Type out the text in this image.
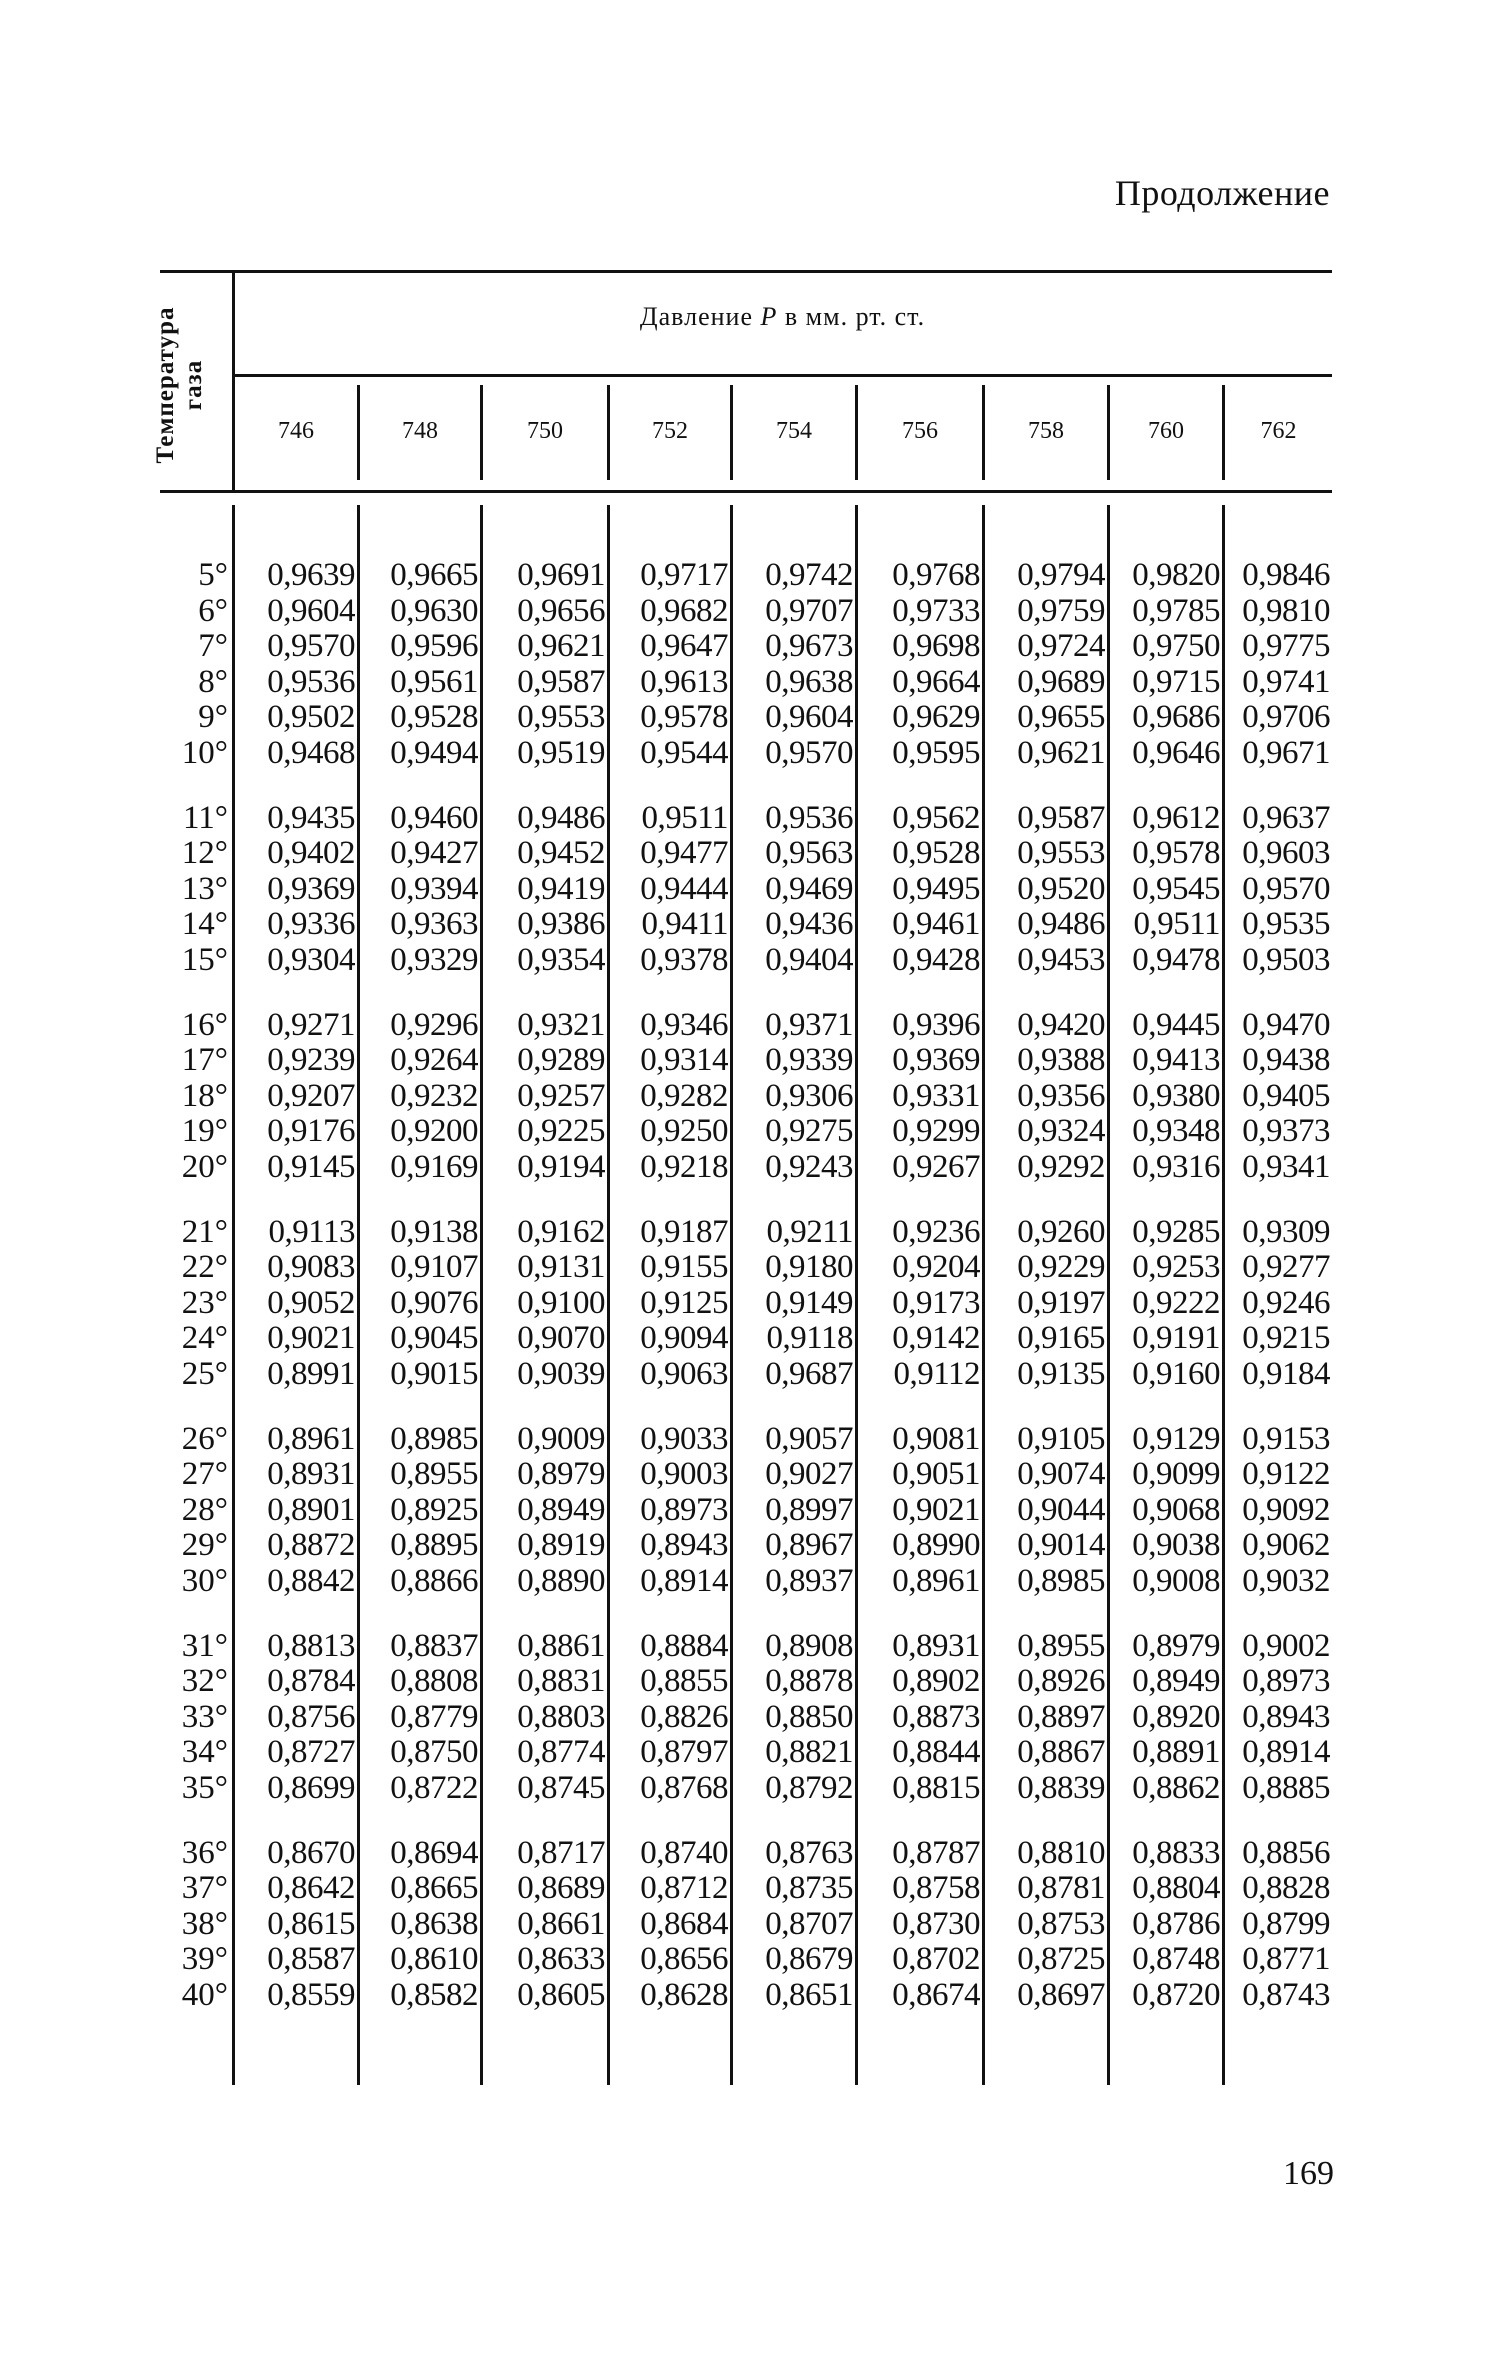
Продолжение
Температура газа
Давление P в мм. рт. ст.
746	748	750	752	754	756	758	760	762
5°	0,9639	0,9665	0,9691	0,9717	0,9742	0,9768	0,9794 0,9820 0,9846
6°	0,9604	0,9630	0,9656	0,9682	0,9707	0,9733	0,9759 0,9785 0,9810
7°	0,9570	0,9596	0,9621	0,9647	0,9673	0,9698	0,9724 0,9750 0,9775
8°	0,9536	0,9561	0,9587	0,9613	0,9638	0,9664	0,9689 0,9715 0,9741
9°	0,9502	0,9528	0,9553	0,9578	0,9604	0,9629	0,9655 0,9686 0,9706
10°	0,9468	0,9494	0,9519	0,9544	0,9570	0,9595	0,9621 0,9646 0,9671
11°	0,9435	0,9460	0,9486	0,9511	0,9536	0,9562	0,9587 0,9612 0,9637
12°	0,9402	0,9427	0,9452	0,9477	0,9563	0,9528	0,9553 0,9578 0,9603
13°	0,9369	0,9394	0,9419	0,9444	0,9469	0,9495	0,9520 0,9545 0,9570
14°	0,9336	0,9363	0,9386	0,9411	0,9436	0,9461	0,9486 0,9511 0,9535
15°	0,9304	0,9329	0,9354	0,9378	0,9404	0,9428	0,9453 0,9478 0,9503
16°	0,9271	0,9296	0,9321	0,9346	0,9371	0,9396	0,9420 0,9445 0,9470
17°	0,9239	0,9264	0,9289	0,9314	0,9339	0,9369	0,9388 0,9413 0,9438
18°	0,9207	0,9232	0,9257	0,9282	0,9306	0,9331	0,9356 0,9380 0,9405
19°	0,9176	0,9200	0,9225	0,9250	0,9275	0,9299	0,9324 0,9348 0,9373
20°	0,9145	0,9169	0,9194	0,9218	0,9243	0,9267	0,9292 0,9316 0,9341
21°	0,9113	0,9138	0,9162	0,9187	0,9211	0,9236	0,9260 0,9285 0,9309
22°	0,9083	0,9107	0,9131	0,9155	0,9180	0,9204	0,9229 0,9253 0,9277
23°	0,9052	0,9076	0,9100	0,9125	0,9149	0,9173	0,9197 0,9222 0,9246
24°	0,9021	0,9045	0,9070	0,9094	0,9118	0,9142	0,9165 0,9191 0,9215
25°	0,8991	0,9015	0,9039	0,9063	0,9687	0,9112	0,9135 0,9160 0,9184
26°	0,8961	0,8985	0,9009	0,9033	0,9057	0,9081	0,9105 0,9129 0,9153
27°	0,8931	0,8955	0,8979	0,9003	0,9027	0,9051	0,9074 0,9099 0,9122
28°	0,8901	0,8925	0,8949	0,8973	0,8997	0,9021	0,9044 0,9068 0,9092
29°	0,8872	0,8895	0,8919	0,8943	0,8967	0,8990	0,9014 0,9038 0,9062
30°	0,8842	0,8866	0,8890	0,8914	0,8937	0,8961	0,8985 0,9008 0,9032
31°	0,8813	0,8837	0,8861	0,8884	0,8908	0,8931	0,8955 0,8979 0,9002
32°	0,8784	0,8808	0,8831	0,8855	0,8878	0,8902	0,8926 0,8949 0,8973
33°	0,8756	0,8779	0,8803	0,8826	0,8850	0,8873	0,8897 0,8920 0,8943
34°	0,8727	0,8750	0,8774	0,8797	0,8821	0,8844	0,8867 0,8891 0,8914
35°	0,8699	0,8722	0,8745	0,8768	0,8792	0,8815	0,8839 0,8862 0,8885
36°	0,8670	0,8694	0,8717	0,8740	0,8763	0,8787	0,8810 0,8833 0,8856
37°	0,8642	0,8665	0,8689	0,8712	0,8735	0,8758	0,8781 0,8804 0,8828
38°	0,8615	0,8638	0,8661	0,8684	0,8707	0,8730	0,8753 0,8786 0,8799
39°	0,8587	0,8610	0,8633	0,8656	0,8679	0,8702	0,8725 0,8748 0,8771
40°	0,8559	0,8582	0,8605	0,8628	0,8651	0,8674	0,8697 0,8720 0,8743
169
